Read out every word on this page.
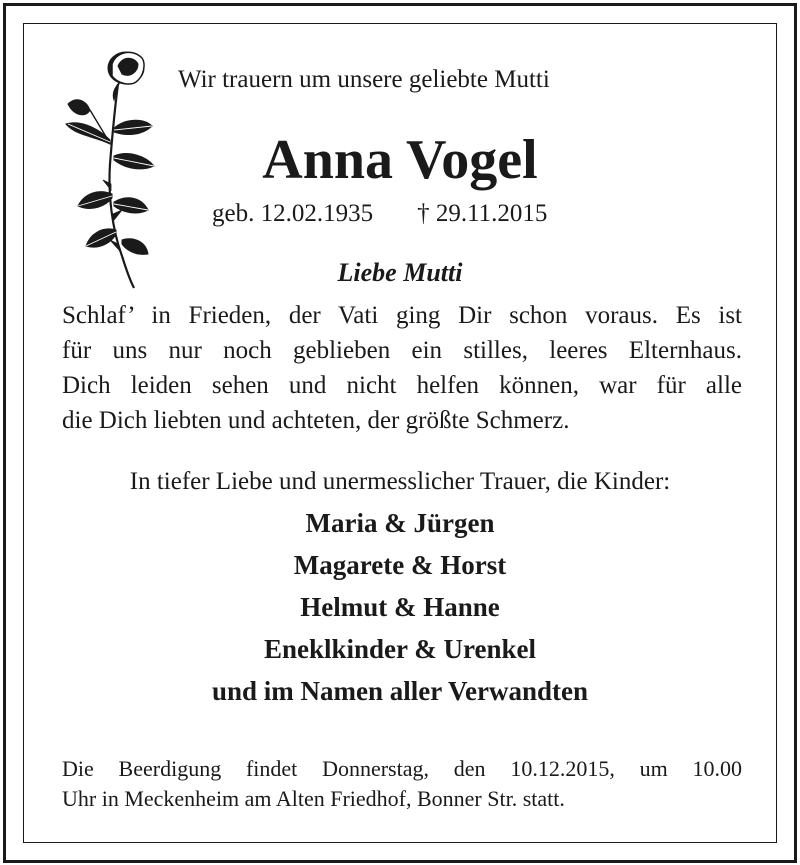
Wir trauern um unsere geliebte Mutti
Anna Vogel
geb. 12.02.1935 † 29.11.2015
Liebe Mutti
Schlaf’ in Frieden, der Vati ging Dir schon voraus. Es ist
für uns nur noch geblieben ein stilles, leeres Elternhaus.
Dich leiden sehen und nicht helfen können, war für alle
die Dich liebten und achteten, der größte Schmerz.
In tiefer Liebe und unermesslicher Trauer, die Kinder:
Maria & Jürgen
Magarete & Horst
Helmut & Hanne
Eneklkinder & Urenkel
und im Namen aller Verwandten
Die Beerdigung findet Donnerstag, den 10.12.2015, um 10.00
Uhr in Meckenheim am Alten Friedhof, Bonner Str. statt.
